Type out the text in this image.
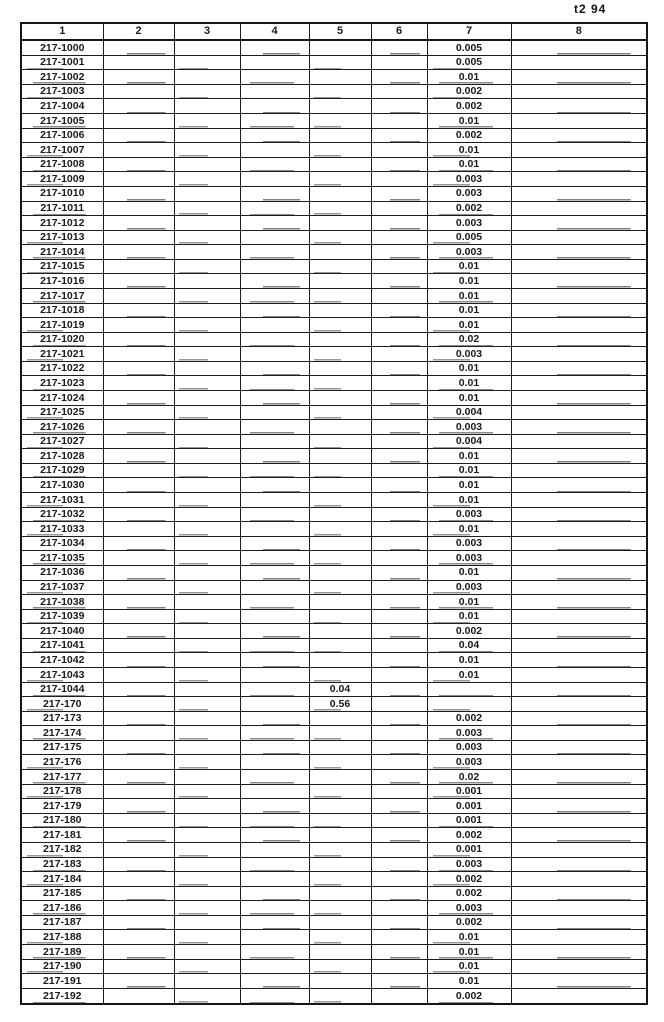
t2 94
1	2	3	4	5	6	7	8
217-1000						0.005	
217-1001						0.005	
217-1002						0.01	
217-1003						0.002	
217-1004						0.002	
217-1005						0.01	
217-1006						0.002	
217-1007						0.01	
217-1008						0.01	
217-1009						0.003	
217-1010						0.003	
217-1011						0.002	
217-1012						0.003	
217-1013						0.005	
217-1014						0.003	
217-1015						0.01	
217-1016						0.01	
217-1017						0.01	
217-1018						0.01	
217-1019						0.01	
217-1020						0.02	
217-1021						0.003	
217-1022						0.01	
217-1023						0.01	
217-1024						0.01	
217-1025						0.004	
217-1026						0.003	
217-1027						0.004	
217-1028						0.01	
217-1029						0.01	
217-1030						0.01	
217-1031						0.01	
217-1032						0.003	
217-1033						0.01	
217-1034						0.003	
217-1035						0.003	
217-1036						0.01	
217-1037						0.003	
217-1038						0.01	
217-1039						0.01	
217-1040						0.002	
217-1041						0.04	
217-1042						0.01	
217-1043						0.01	
217-1044				0.04			
217-170				0.56			
217-173						0.002	
217-174						0.003	
217-175						0.003	
217-176						0.003	
217-177						0.02	
217-178						0.001	
217-179						0.001	
217-180						0.001	
217-181						0.002	
217-182						0.001	
217-183						0.003	
217-184						0.002	
217-185						0.002	
217-186						0.003	
217-187						0.002	
217-188						0.01	
217-189						0.01	
217-190						0.01	
217-191						0.01	
217-192						0.002	
